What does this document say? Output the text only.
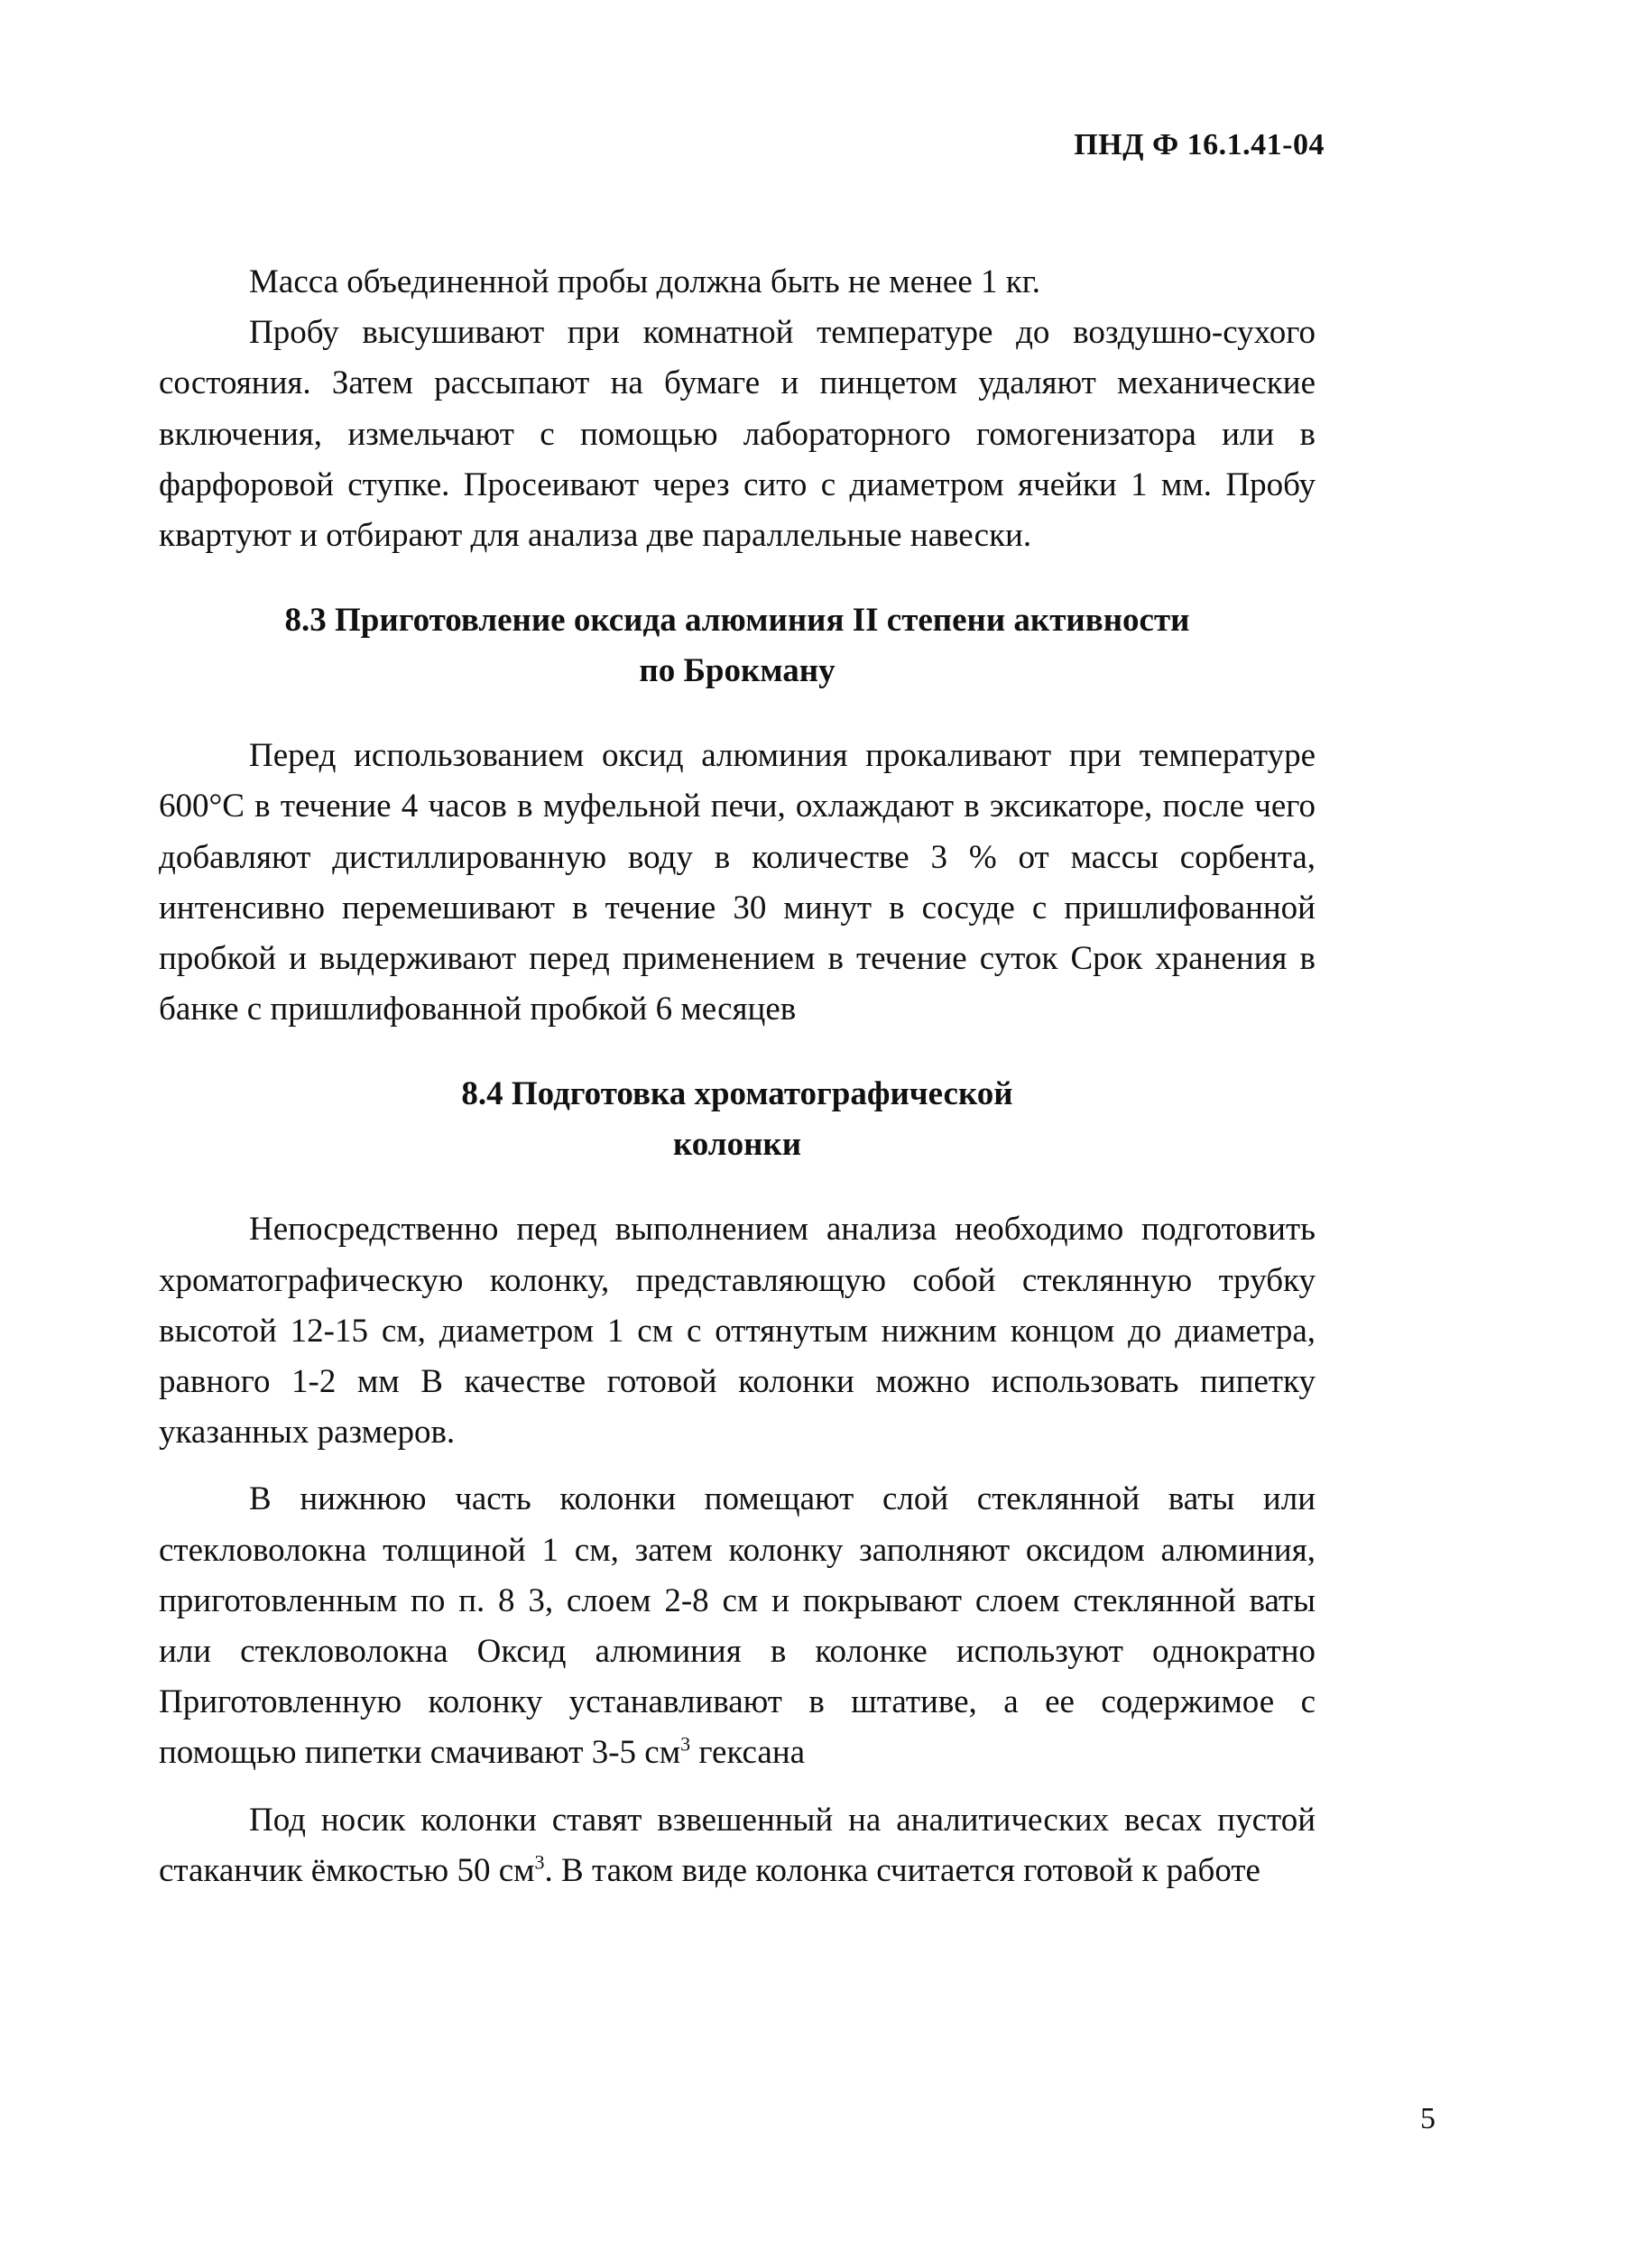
ПНД Ф 16.1.41-04

Масса объединенной пробы должна быть не менее 1 кг.

Пробу высушивают при комнатной температуре до воздушно-сухого состояния. Затем рассыпают на бумаге и пинцетом удаляют механические включения, измельчают с помощью лабораторного гомогенизатора или в фарфоровой ступке. Просеивают через сито с диаметром ячейки 1 мм. Пробу квартуют и отбирают для анализа две параллельные навески.

8.3 Приготовление оксида алюминия II степени активности
по Брокману

Перед использованием оксид алюминия прокаливают при температуре 600°С в течение 4 часов в муфельной печи, охлаждают в эксикаторе, после чего добавляют дистиллированную воду в количестве 3 % от массы сорбента, интенсивно перемешивают в течение 30 минут в сосуде с пришлифованной пробкой и выдерживают перед применением в течение суток Срок хранения в банке с пришлифованной пробкой 6 месяцев

8.4 Подготовка хроматографической
колонки

Непосредственно перед выполнением анализа необходимо подготовить хроматографическую колонку, представляющую собой стеклянную трубку высотой 12-15 см, диаметром 1 см с оттянутым нижним концом до диаметра, равного 1-2 мм В качестве готовой колонки можно использовать пипетку указанных размеров.

В нижнюю часть колонки помещают слой стеклянной ваты или стекловолокна толщиной 1 см, затем колонку заполняют оксидом алюминия, приготовленным по п. 8 3, слоем 2-8 см и покрывают слоем стеклянной ваты или стекловолокна Оксид алюминия в колонке используют однократно Приготовленную колонку устанавливают в штативе, а ее содержимое с помощью пипетки смачивают 3-5 $см^3$ гексана

Под носик колонки ставят взвешенный на аналитических весах пустой стаканчик ёмкостью 50 $см^3$. В таком виде колонка считается готовой к работе

5
